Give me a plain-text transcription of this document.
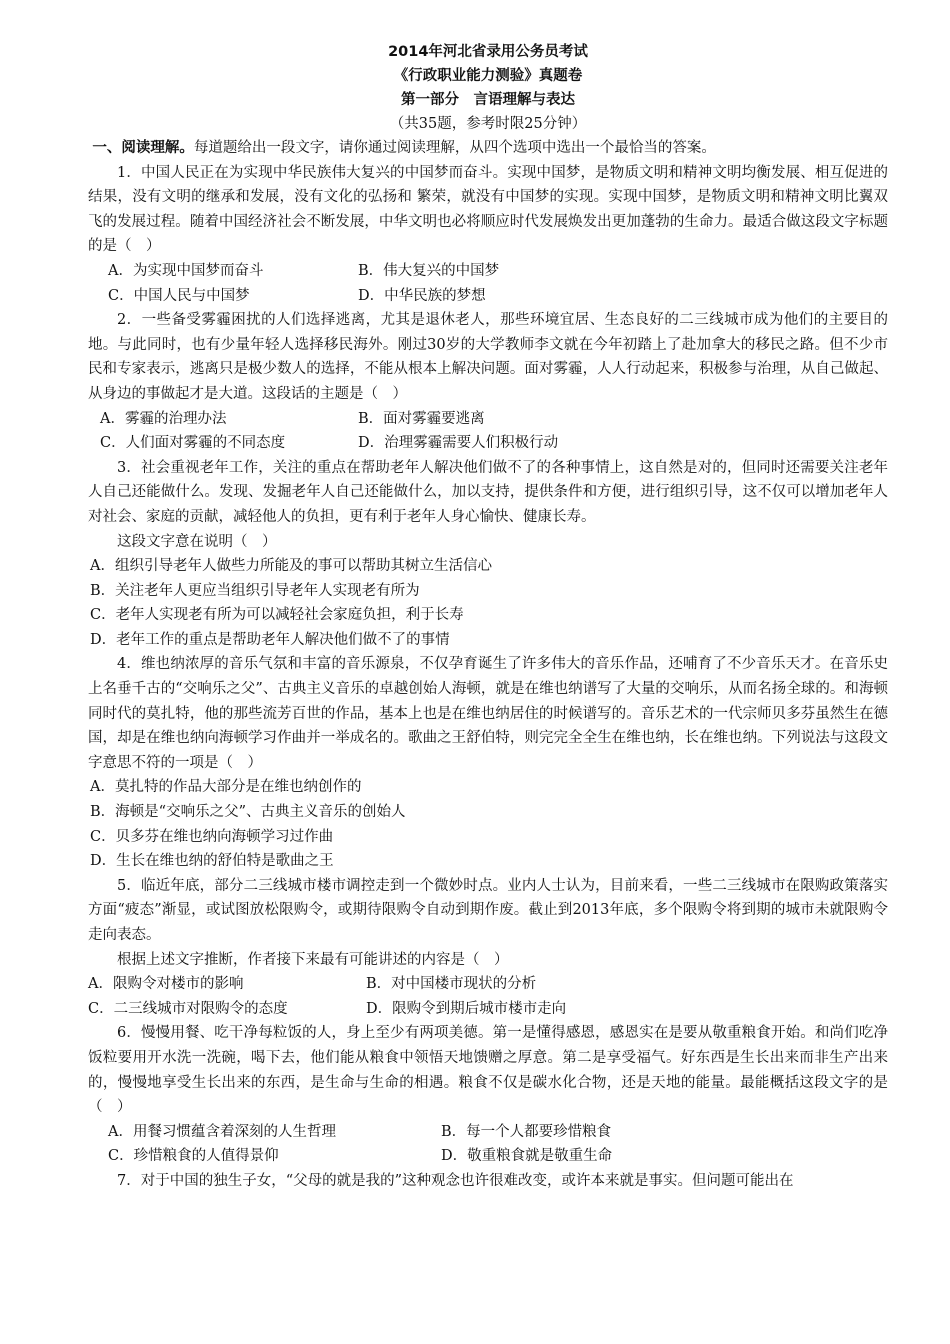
2014年河北省录用公务员考试
《行政职业能力测验》真题卷
第一部分　言语理解与表达
（共35题，参考时限25分钟）

一、阅读理解。每道题给出一段文字，请你通过阅读理解，从四个选项中选出一个最恰当的答案。

1．中国人民正在为实现中华民族伟大复兴的中国梦而奋斗。实现中国梦，是物质文明和精神文明均衡发展、相互促进的结果，没有文明的继承和发展，没有文化的弘扬和 繁荣，就没有中国梦的实现。实现中国梦，是物质文明和精神文明比翼双飞的发展过程。随着中国经济社会不断发展，中华文明也必将顺应时代发展焕发出更加蓬勃的生命力。最适合做这段文字标题的是（　）

A．为实现中国梦而奋斗	B．伟大复兴的中国梦
C．中国人民与中国梦	D．中华民族的梦想

2．一些备受雾霾困扰的人们选择逃离，尤其是退休老人，那些环境宜居、生态良好的二三线城市成为他们的主要目的地。与此同时，也有少量年轻人选择移民海外。刚过30岁的大学教师李文就在今年初踏上了赴加拿大的移民之路。但不少市民和专家表示，逃离只是极少数人的选择，不能从根本上解决问题。面对雾霾，人人行动起来，积极参与治理，从自己做起、从身边的事做起才是大道。这段话的主题是（　）

A．雾霾的治理办法	B．面对雾霾要逃离
C．人们面对雾霾的不同态度	D．治理雾霾需要人们积极行动

3．社会重视老年工作，关注的重点在帮助老年人解决他们做不了的各种事情上，这自然是对的，但同时还需要关注老年人自己还能做什么。发现、发掘老年人自己还能做什么，加以支持，提供条件和方便，进行组织引导，这不仅可以增加老年人对社会、家庭的贡献，减轻他人的负担，更有利于老年人身心愉快、健康长寿。

这段文字意在说明（　）

A．组织引导老年人做些力所能及的事可以帮助其树立生活信心
B．关注老年人更应当组织引导老年人实现老有所为
C．老年人实现老有所为可以减轻社会家庭负担，利于长寿
D．老年工作的重点是帮助老年人解决他们做不了的事情

4．维也纳浓厚的音乐气氛和丰富的音乐源泉，不仅孕育诞生了许多伟大的音乐作品，还哺育了不少音乐天才。在音乐史上名垂千古的“交响乐之父”、古典主义音乐的卓越创始人海顿，就是在维也纳谱写了大量的交响乐，从而名扬全球的。和海顿同时代的莫扎特，他的那些流芳百世的作品，基本上也是在维也纳居住的时候谱写的。音乐艺术的一代宗师贝多芬虽然生在德国，却是在维也纳向海顿学习作曲并一举成名的。歌曲之王舒伯特，则完完全全生在维也纳，长在维也纳。下列说法与这段文字意思不符的一项是（　）

A．莫扎特的作品大部分是在维也纳创作的
B．海顿是“交响乐之父”、古典主义音乐的创始人
C．贝多芬在维也纳向海顿学习过作曲
D．生长在维也纳的舒伯特是歌曲之王

5．临近年底，部分二三线城市楼市调控走到一个微妙时点。业内人士认为，目前来看，一些二三线城市在限购政策落实方面“疲态”渐显，或试图放松限购令，或期待限购令自动到期作废。截止到2013年底，多个限购令将到期的城市未就限购令走向表态。

根据上述文字推断，作者接下来最有可能讲述的内容是（　）

A．限购令对楼市的影响	B．对中国楼市现状的分析
C．二三线城市对限购令的态度	D．限购令到期后城市楼市走向

6．慢慢用餐、吃干净每粒饭的人，身上至少有两项美德。第一是懂得感恩，感恩实在是要从敬重粮食开始。和尚们吃净饭粒要用开水洗一洗碗，喝下去，他们能从粮食中领悟天地馈赠之厚意。第二是享受福气。好东西是生长出来而非生产出来的，慢慢地享受生长出来的东西，是生命与生命的相遇。粮食不仅是碳水化合物，还是天地的能量。最能概括这段文字的是（　）

A．用餐习惯蕴含着深刻的人生哲理	B．每一个人都要珍惜粮食
C．珍惜粮食的人值得景仰	D．敬重粮食就是敬重生命

7．对于中国的独生子女，“父母的就是我的”这种观念也许很难改变，或许本来就是事实。但问题可能出在
